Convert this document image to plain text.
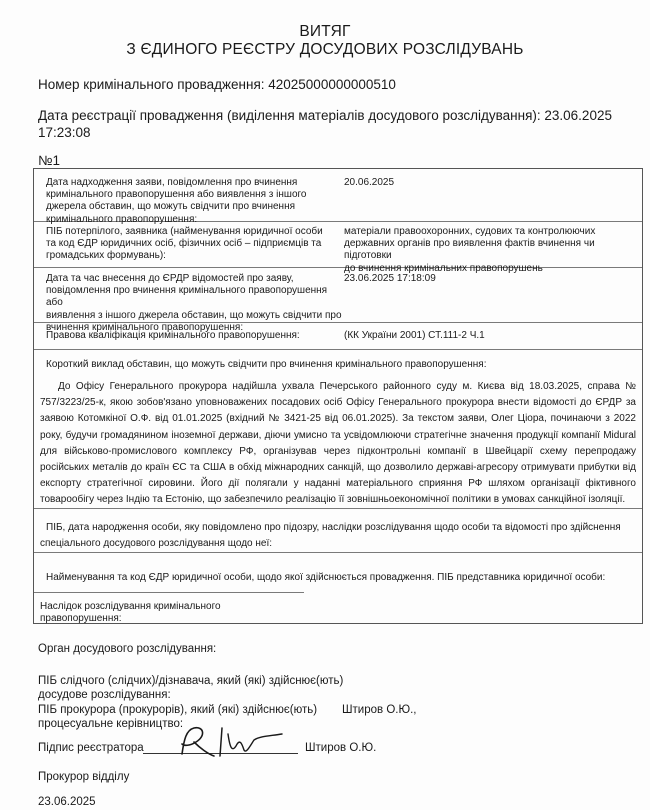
ВИТЯГ
З ЄДИНОГО РЕЄСТРУ ДОСУДОВИХ РОЗСЛІДУВАНЬ
Номер кримінального провадження: 42025000000000510
Дата реєстрації провадження (виділення матеріалів досудового розслідування): 23.06.2025
17:23:08
№1
Дата надходження заяви, повідомлення про вчинення
кримінального правопорушення або виявлення з іншого
джерела обставин, що можуть свідчити про вчинення
кримінального правопорушення:
20.06.2025
ПІБ потерпілого, заявника (найменування юридичної особи
та код ЄДР юридичних осіб, фізичних осіб – підприємців та
громадських формувань):
матеріали правоохоронних, судових та контролюючих
державних органів про виявлення фактів вчинення чи підготовки
до вчинення кримінальних правопорушень
Дата та час внесення до ЄРДР відомостей про заяву,
повідомлення про вчинення кримінального правопорушення або
виявлення з іншого джерела обставин, що можуть свідчити про
вчинення кримінального правопорушення:
23.06.2025 17:18:09
Правова кваліфікація кримінального правопорушення:	(КК України 2001) СТ.111-2 Ч.1
Короткий виклад обставин, що можуть свідчити про вчинення кримінального правопорушення:
До Офісу Генерального прокурора надійшла ухвала Печерського районного суду м. Києва від 18.03.2025, справа № 757/3223/25-к, якою зобов'язано уповноважених посадових осіб Офісу Генерального прокурора внести відомості до ЄРДР за заявою Котомкіної О.Ф. від 01.01.2025 (вхідний № 3421-25 від 06.01.2025). За текстом заяви, Олег Ціора, починаючи з 2022 року, будучи громадянином іноземної держави, діючи умисно та усвідомлюючи стратегічне значення продукції компанії Midural для військово-промислового комплексу РФ, організував через підконтрольні компанії в Швейцарії схему перепродажу російських металів до країн ЄС та США в обхід міжнародних санкцій, що дозволило державі-агресору отримувати прибутки від експорту стратегічної сировини. Його дії полягали у наданні матеріального сприяння РФ шляхом організації фіктивного товарообігу через Індію та Естонію, що забезпечило реалізацію її зовнішньоекономічної політики в умовах санкційної ізоляції.
ПІБ, дата народження особи, яку повідомлено про підозру, наслідки розслідування щодо особи та відомості про здійснення
спеціального досудового розслідування щодо неї:
Найменування та код ЄДР юридичної особи, щодо якої здійснюється провадження. ПІБ представника юридичної особи:
Наслідок розслідування кримінального
правопорушення:
Орган досудового розслідування:
ПІБ слідчого (слідчих)/дізнавача, який (які) здійснює(ють)
досудове розслідування:
ПІБ прокурора (прокурорів), який (які) здійснює(ють)
процесуальне керівництво:
Штиров О.Ю.,
Підпис реєстратора	Штиров О.Ю.
Прокурор відділу
23.06.2025
